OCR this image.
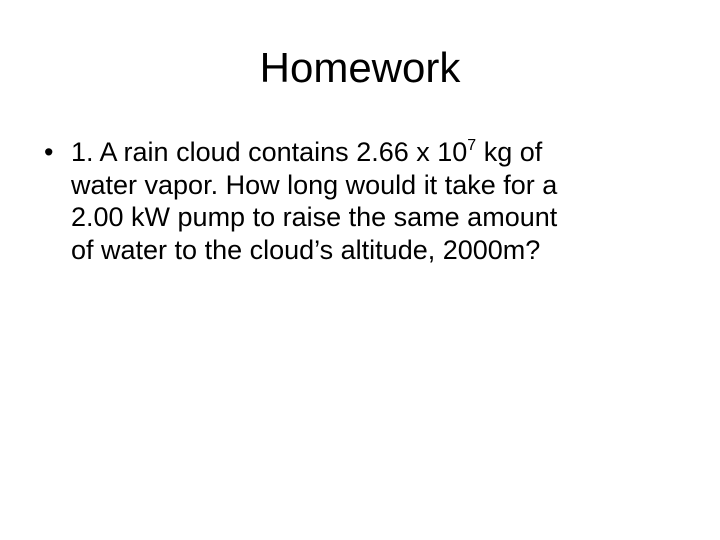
Homework
• 1. A rain cloud contains 2.66 x $10^7$ kg of
water vapor. How long would it take for a
2.00 kW pump to raise the same amount
of water to the cloud’s altitude, 2000m?
